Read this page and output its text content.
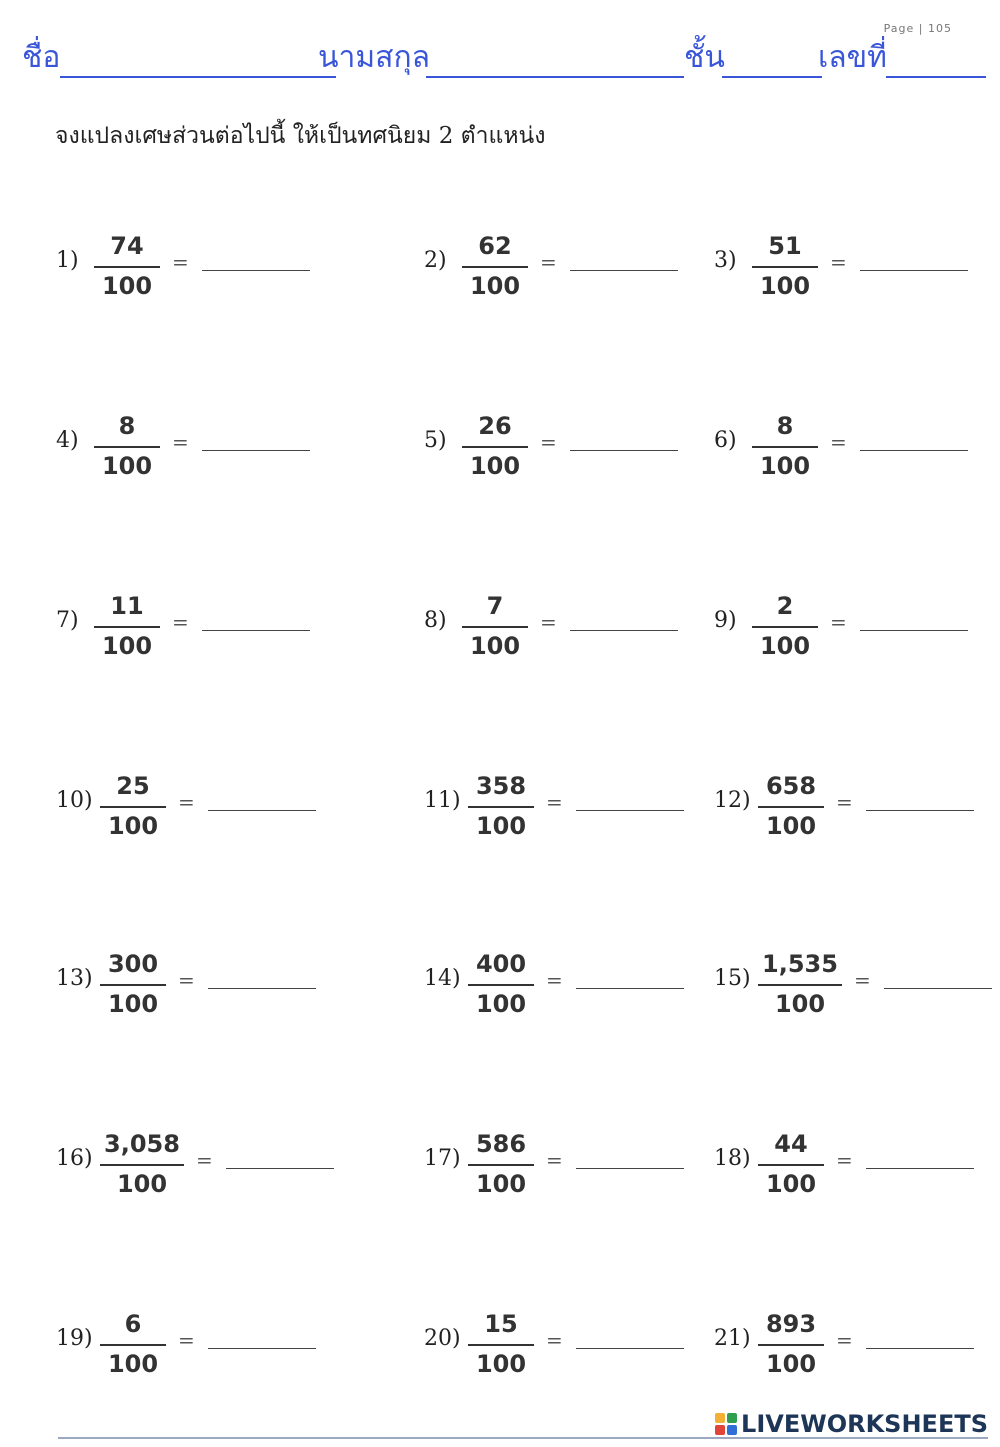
Page | 105
ชื่อ	นามสกุล	ชั้น	เลขที่
จงแปลงเศษส่วนต่อไปนี้ ให้เป็นทศนิยม 2 ตำแหน่ง
1)
74
100
=	2)
62
100
=	3)
51
100
=
4)
8
100
=	5)
26
100
=	6)
8
100
=
7)
11
100
=	8)
7
100
=	9)
2
100
=
10)
25
100
=	11)
358
100
=	12)
658
100
=
13)
300
100
=	14)
400
100
=	15)
1,535
100
=
16)
3,058
100
=	17)
586
100
=	18)
44
100
=
19)
6
100
=	20)
15
100
=	21)
893
100
=
LIVEWORKSHEETS
